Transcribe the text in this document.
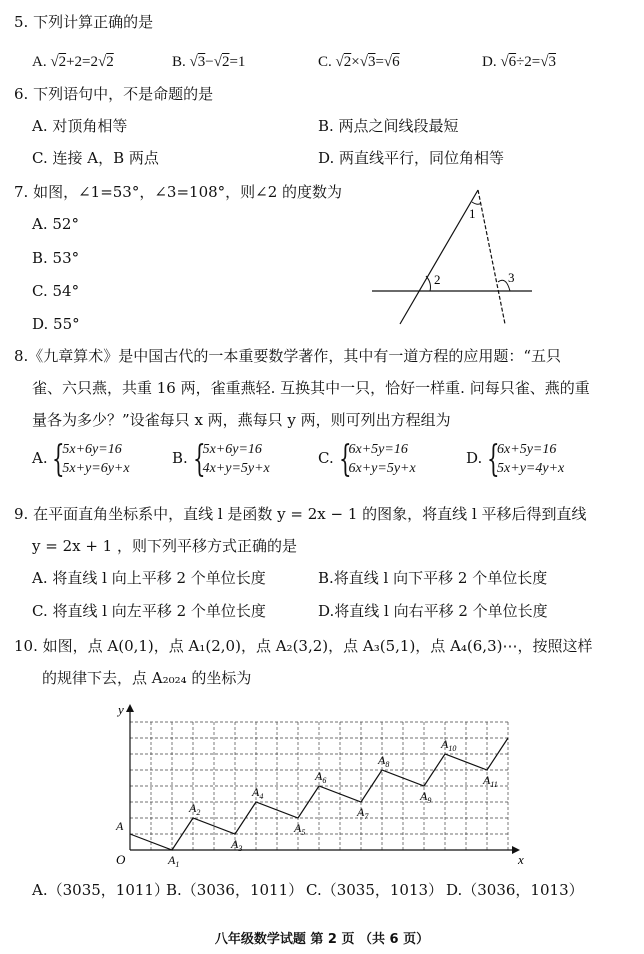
5. 下列计算正确的是
A. √2+2=2√2	B. √3−√2=1	C. √2×√3=√6	D. √6÷2=√3
6. 下列语句中，不是命题的是
A. 对顶角相等	B. 两点之间线段最短
C. 连接 A，B 两点	D. 两直线平行，同位角相等
7. 如图，∠1=53°，∠3=108°，则∠2 的度数为
A. 52°
B. 53°
C. 54°
D. 55°
1
2	3
8.《九章算术》是中国古代的一本重要数学著作，其中有一道方程的应用题：“五只
雀、六只燕，共重 16 两，雀重燕轻. 互换其中一只，恰好一样重. 问每只雀、燕的重
量各为多少？”设雀每只 x 两，燕每只 y 两，则可列出方程组为
A. {
5x+6y=16
5x+y=6y+x
B. {
5x+6y=16
4x+y=5y+x
C. {
6x+5y=16
6x+y=5y+x
D. {
6x+5y=16
5x+y=4y+x
9. 在平面直角坐标系中，直线 l 是函数 y = 2x − 1 的图象，将直线 l 平移后得到直线
y = 2x + 1 ，则下列平移方式正确的是
A. 将直线 l 向上平移 2 个单位长度	B.将直线 l 向下平移 2 个单位长度
C. 将直线 l 向左平移 2 个单位长度	D.将直线 l 向右平移 2 个单位长度
10. 如图，点 A(0,1)，点 A₁(2,0)，点 A₂(3,2)，点 A₃(5,1)，点 A₄(6,3)⋯，按照这样
的规律下去，点 A₂₀₂₄ 的坐标为
x
y
O
A
$A_1$
$A_2$
$A_3$
$A_4$
$A_5$
$A_6$
$A_7$
$A_8$
$A_9$
$A_{10}$
$A_{11}$
A.（3035，1011）
B.（3036，1011） C.（3035，1013） D.（3036，1013）
八年级数学试题 第 2 页 （共 6 页）
